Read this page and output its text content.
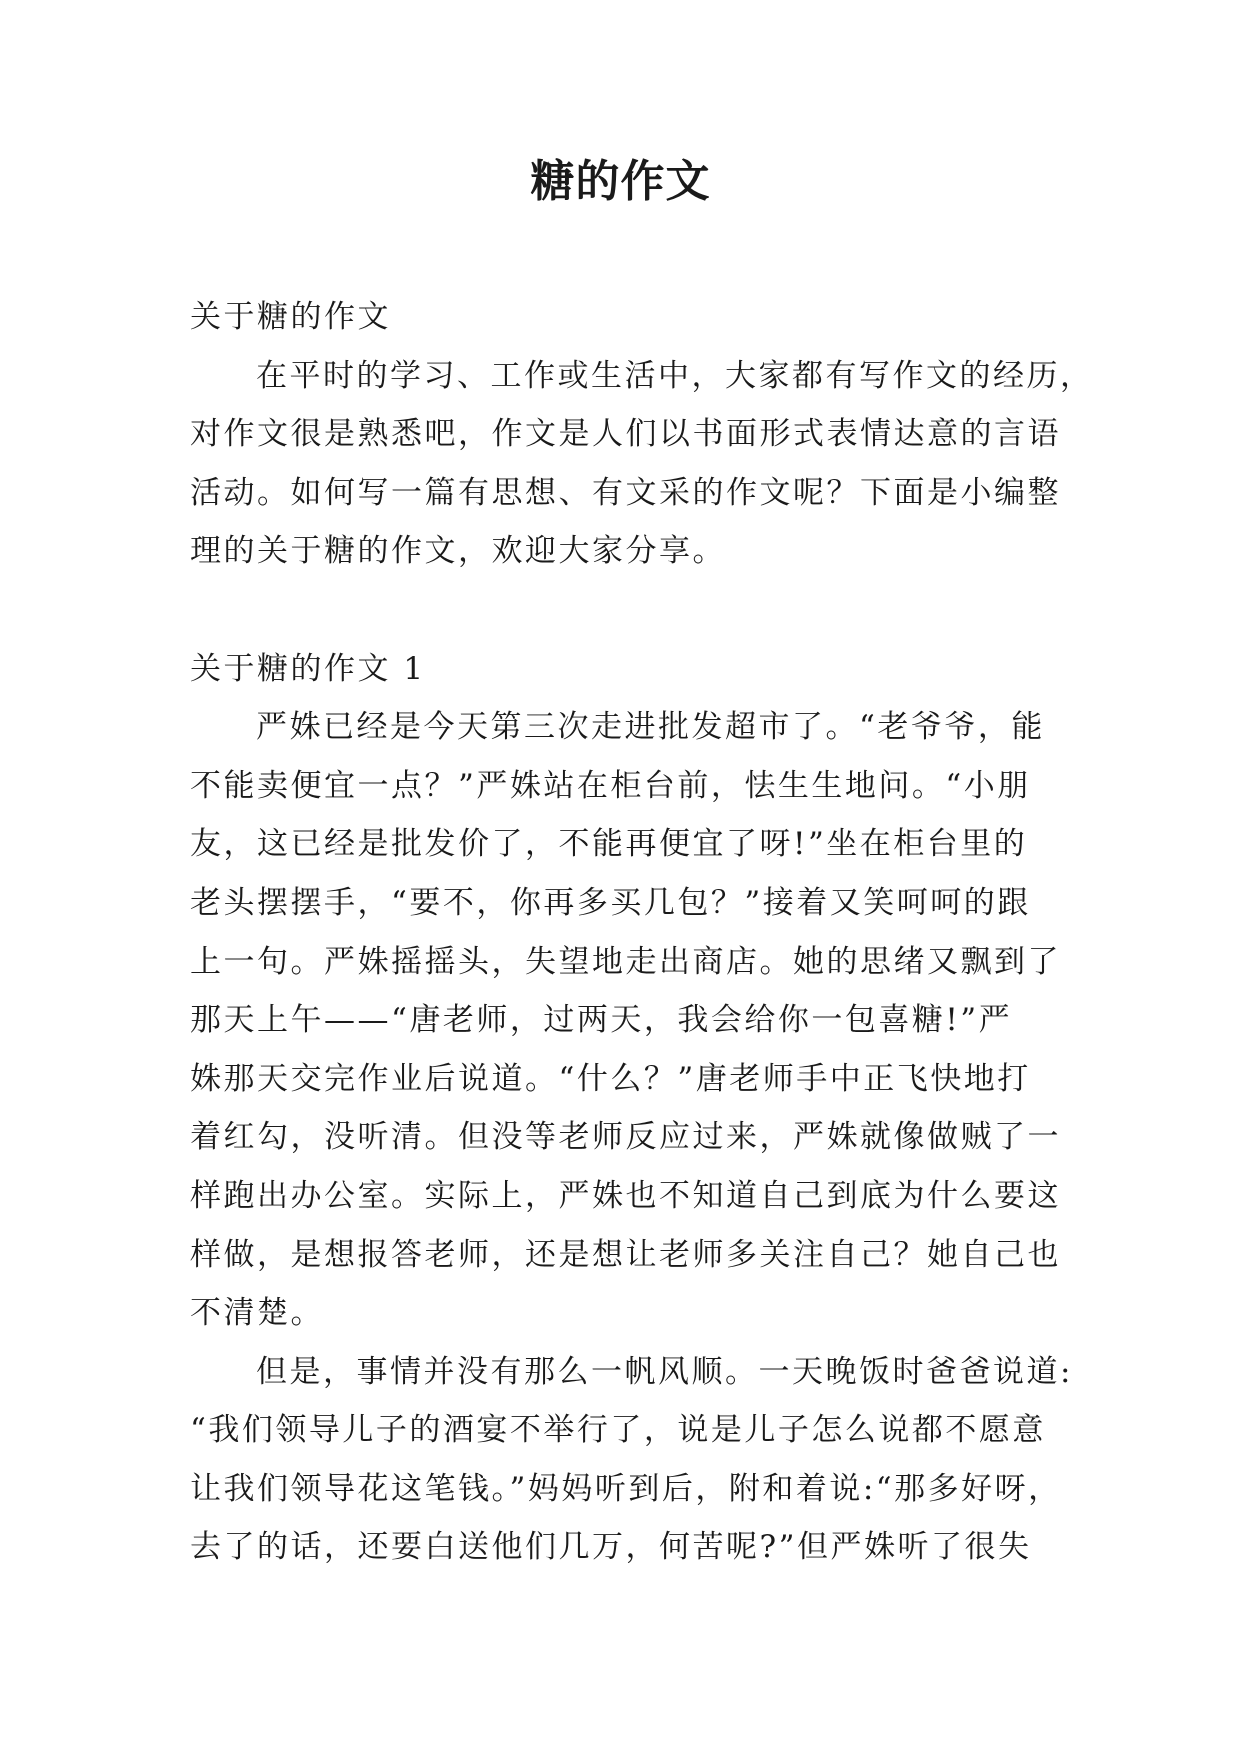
糖的作文

关于糖的作文

在平时的学习、工作或生活中，大家都有写作文的经历，

对作文很是熟悉吧，作文是人们以书面形式表情达意的言语

活动。如何写一篇有思想、有文采的作文呢？下面是小编整

理的关于糖的作文，欢迎大家分享。

关于糖的作文 1

严姝已经是今天第三次走进批发超市了。“老爷爷，能

不能卖便宜一点？”严姝站在柜台前，怯生生地问。“小朋

友，这已经是批发价了，不能再便宜了呀!”坐在柜台里的

老头摆摆手，“要不，你再多买几包？”接着又笑呵呵的跟

上一句。严姝摇摇头，失望地走出商店。她的思绪又飘到了

那天上午——“唐老师，过两天，我会给你一包喜糖!”严

姝那天交完作业后说道。“什么？”唐老师手中正飞快地打

着红勾，没听清。但没等老师反应过来，严姝就像做贼了一

样跑出办公室。实际上，严姝也不知道自己到底为什么要这

样做，是想报答老师，还是想让老师多关注自己？她自己也

不清楚。

但是，事情并没有那么一帆风顺。一天晚饭时爸爸说道:

“我们领导儿子的酒宴不举行了，说是儿子怎么说都不愿意

让我们领导花这笔钱。”妈妈听到后，附和着说:“那多好呀，

去了的话，还要白送他们几万，何苦呢?”但严姝听了很失
